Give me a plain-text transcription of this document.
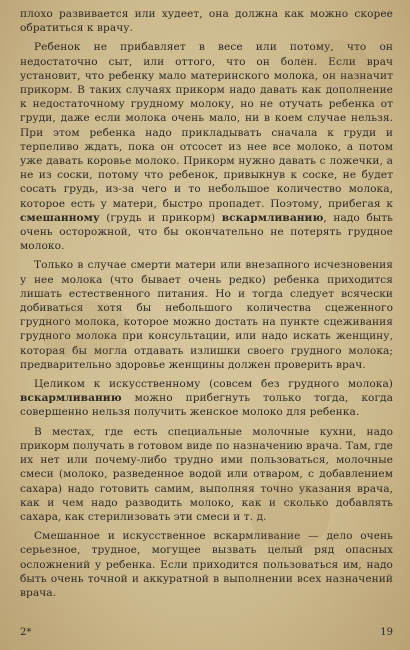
плохо развивается или худеет, она должна как можно скорее обратиться к врачу.

Ребенок не прибавляет в весе или потому, что он недостаточно сыт, или оттого, что он болен. Если врач установит, что ребенку мало материнского молока, он назначит прикорм. В таких случаях прикорм надо давать как дополнение к недостаточному грудному молоку, но не отучать ребенка от груди, даже если молока очень мало, ни в коем случае нельзя. При этом ребенка надо прикладывать сначала к груди и терпеливо ждать, пока он отсосет из нее все молоко, а потом уже давать коровье молоко. Прикорм нужно давать с ложечки, а не из соски, потому что ребенок, привыкнув к соске, не будет сосать грудь, из-за чего и то небольшое количество молока, которое есть у матери, быстро пропадет. Поэтому, прибегая к смешанному (грудь и прикорм) вскармливанию, надо быть очень осторожной, что бы окончательно не потерять грудное молоко.

Только в случае смерти матери или внезапного исчезновения у нее молока (что бывает очень редко) ребенка приходится лишать естественного питания. Но и тогда следует всячески добиваться хотя бы небольшого количества сцеженного грудного молока, которое можно достать на пункте сцеживания грудного молока при консультации, или надо искать женщину, которая бы могла отдавать излишки своего грудного молока; предварительно здоровье женщины должен проверить врач.

Целиком к искусственному (совсем без грудного молока) вскармливанию можно прибегнуть только тогда, когда совершенно нельзя получить женское молоко для ребенка.

В местах, где есть специальные молочные кухни, надо прикорм получать в готовом виде по назначению врача. Там, где их нет или почему-либо трудно ими пользоваться, молочные смеси (молоко, разведенное водой или отваром, с добавлением сахара) надо готовить самим, выполняя точно указания врача, как и чем надо разводить молоко, как и сколько добавлять сахара, как стерилизовать эти смеси и т. д.

Смешанное и искусственное вскармливание — дело очень серьезное, трудное, могущее вызвать целый ряд опасных осложнений у ребенка. Если приходится пользоваться им, надо быть очень точной и аккуратной в выполнении всех назначений врача.

2*	19
